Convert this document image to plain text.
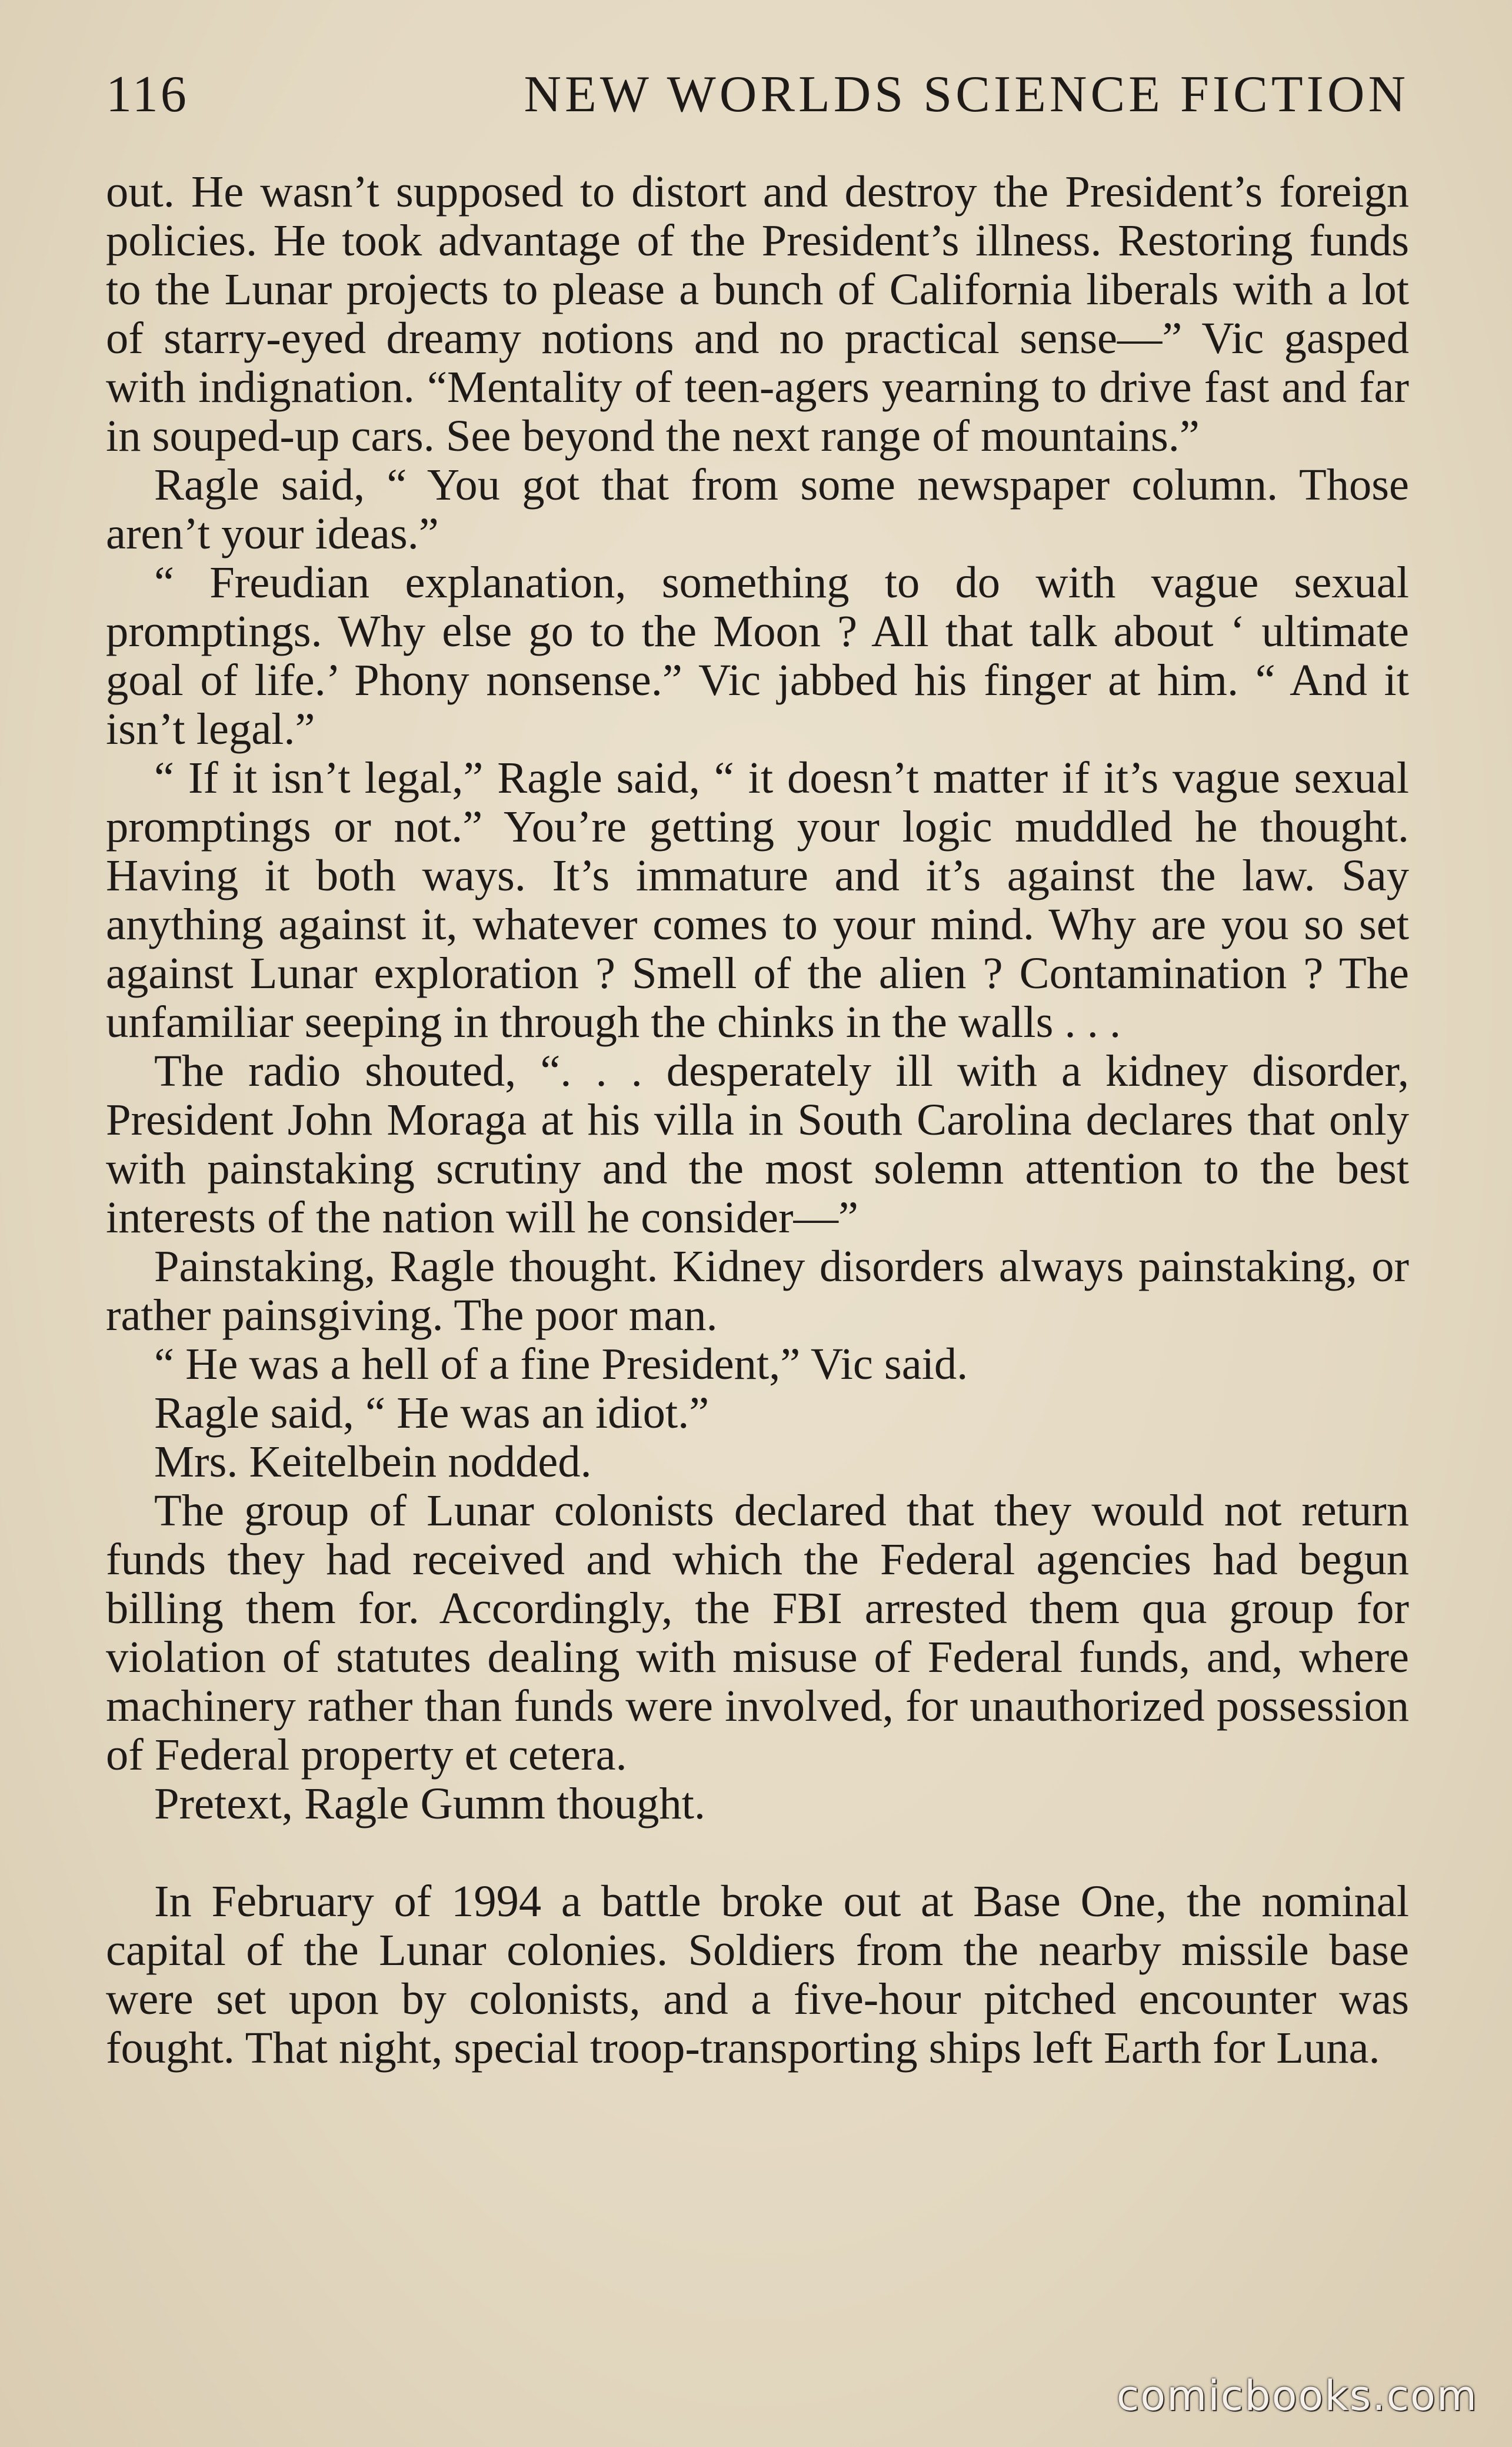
116	NEW WORLDS SCIENCE FICTION

out. He wasn’t supposed to distort and destroy the President’s foreign policies. He took advantage of the President’s illness. Restoring funds to the Lunar projects to please a bunch of California liberals with a lot of starry-eyed dreamy notions and no practical sense—” Vic gasped with indignation. “Mentality of teen-agers yearning to drive fast and far in souped-up cars. See beyond the next range of mountains.”

Ragle said, “ You got that from some newspaper column. Those aren’t your ideas.”

“ Freudian explanation, something to do with vague sexual promptings. Why else go to the Moon ? All that talk about ‘ ultimate goal of life.’ Phony nonsense.” Vic jabbed his finger at him. “ And it isn’t legal.”

“ If it isn’t legal,” Ragle said, “ it doesn’t matter if it’s vague sexual promptings or not.” You’re getting your logic muddled he thought. Having it both ways. It’s immature and it’s against the law. Say anything against it, whatever comes to your mind. Why are you so set against Lunar exploration ? Smell of the alien ? Contamination ? The unfamiliar seeping in through the chinks in the walls . . .

The radio shouted, “. . . desperately ill with a kidney disorder, President John Moraga at his villa in South Carolina declares that only with painstaking scrutiny and the most solemn attention to the best interests of the nation will he consider—”

Painstaking, Ragle thought. Kidney disorders always painstaking, or rather painsgiving. The poor man.

“ He was a hell of a fine President,” Vic said.

Ragle said, “ He was an idiot.”

Mrs. Keitelbein nodded.

The group of Lunar colonists declared that they would not return funds they had received and which the Federal agencies had begun billing them for. Accordingly, the FBI arrested them qua group for violation of statutes dealing with misuse of Federal funds, and, where machinery rather than funds were involved, for unauthorized possession of Federal property et cetera.

Pretext, Ragle Gumm thought.

In February of 1994 a battle broke out at Base One, the nominal capital of the Lunar colonies. Soldiers from the nearby missile base were set upon by colonists, and a five-hour pitched encounter was fought. That night, special troop-transporting ships left Earth for Luna.

comicbooks.com
